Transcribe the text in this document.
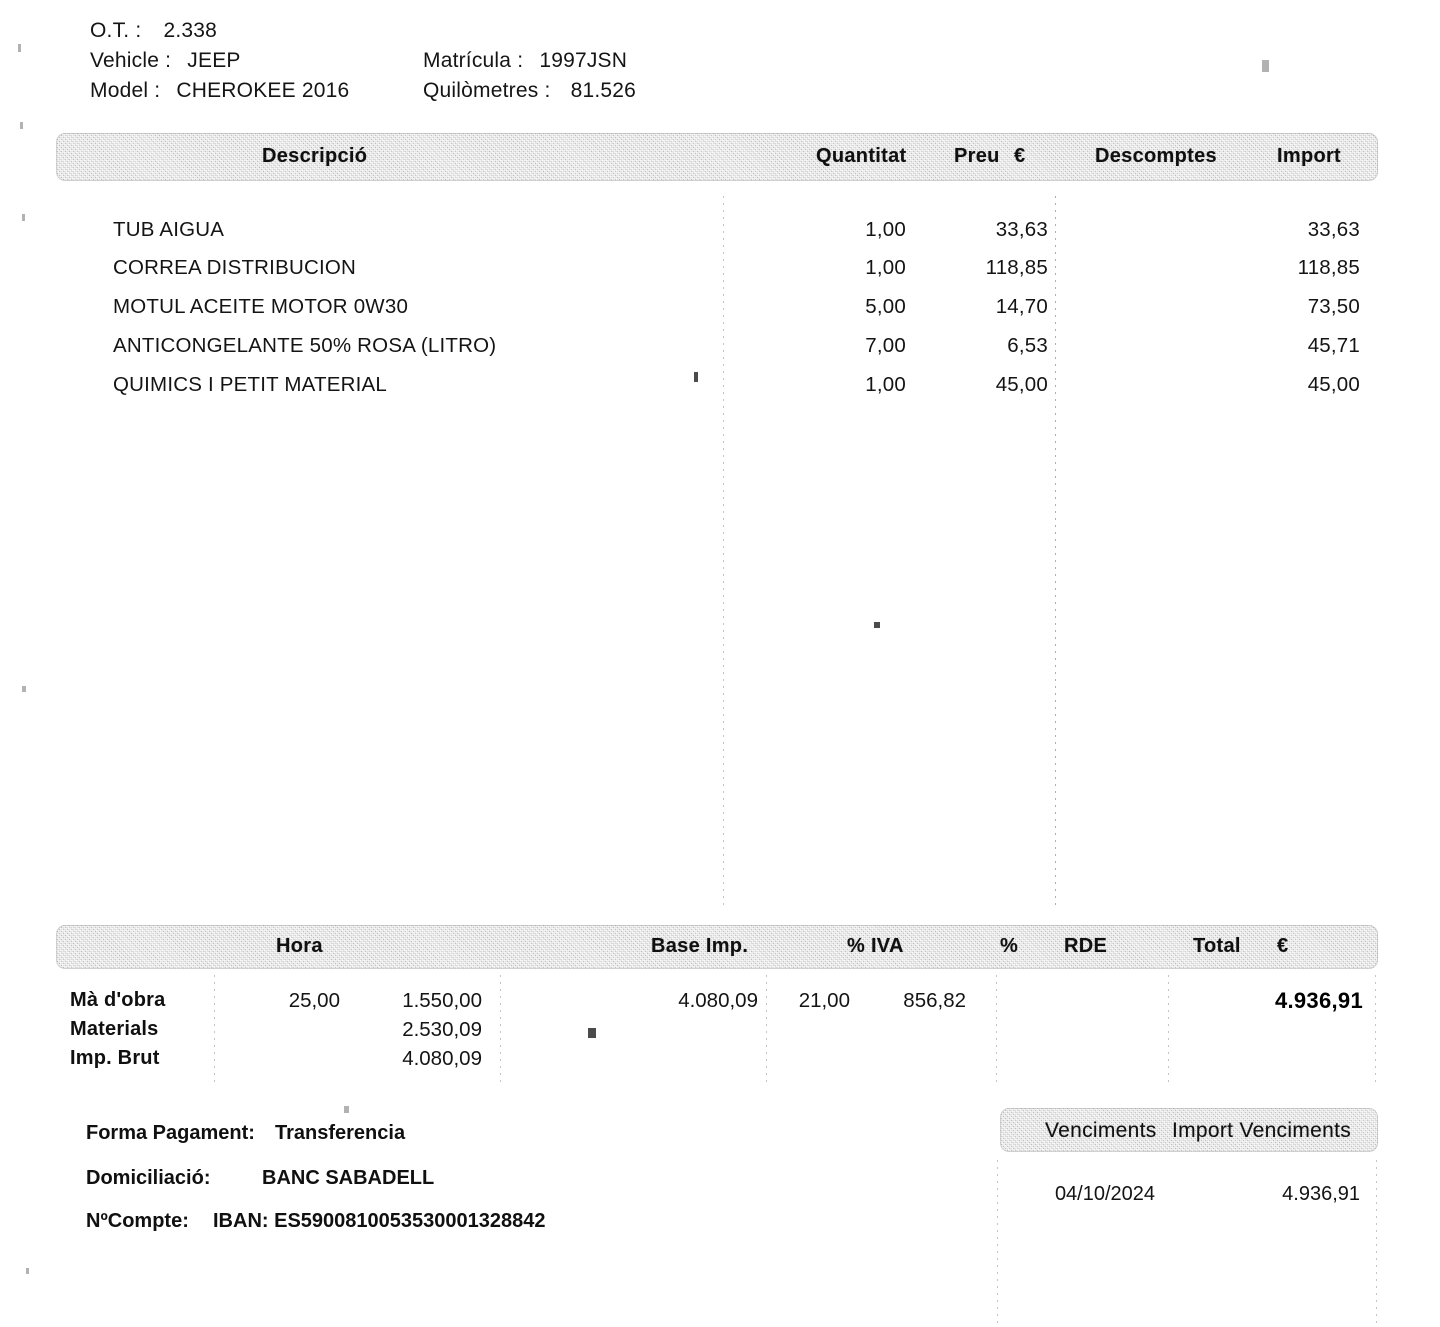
O.T. : 2.338
Vehicle : JEEP
Model : CHEROKEE 2016
Matrícula : 1997JSN
Quilòmetres : 81.526
Descripció	Quantitat Preu €	Descomptes	Import
TUB AIGUA	1,00	33,63	33,63
CORREA DISTRIBUCION	1,00	118,85	118,85
MOTUL ACEITE MOTOR 0W30	5,00	14,70	73,50
ANTICONGELANTE 50% ROSA (LITRO)	7,00	6,53	45,71
QUIMICS I PETIT MATERIAL	1,00	45,00	45,00
Hora	Base Imp.	% IVA	% RDE	Total €
Mà d'obra	25,00	1.550,00	4.080,09	21,00	856,82	4.936,91
Materials	2.530,09
Imp. Brut	4.080,09
Forma Pagament: Transferencia
Domiciliació:	BANC SABADELL
NºCompte: IBAN: ES5900810053530001328842
Venciments Import Venciments
04/10/2024	4.936,91
